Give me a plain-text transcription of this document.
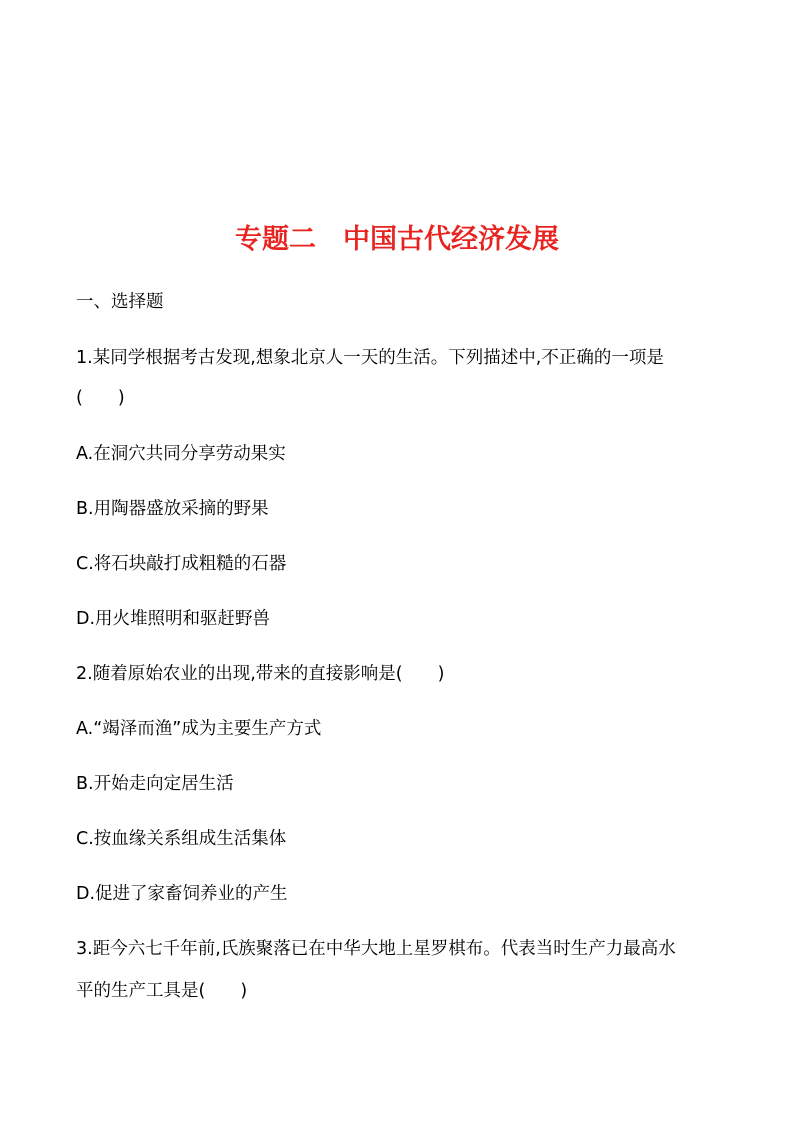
专题二　中国古代经济发展
一、选择题
1.某同学根据考古发现,想象北京人一天的生活。下列描述中,不正确的一项是
(　　)
A.在洞穴共同分享劳动果实
B.用陶器盛放采摘的野果
C.将石块敲打成粗糙的石器
D.用火堆照明和驱赶野兽
2.随着原始农业的出现,带来的直接影响是(　　)
A.“竭泽而渔”成为主要生产方式
B.开始走向定居生活
C.按血缘关系组成生活集体
D.促进了家畜饲养业的产生
3.距今六七千年前,氏族聚落已在中华大地上星罗棋布。代表当时生产力最高水
平的生产工具是(　　)
